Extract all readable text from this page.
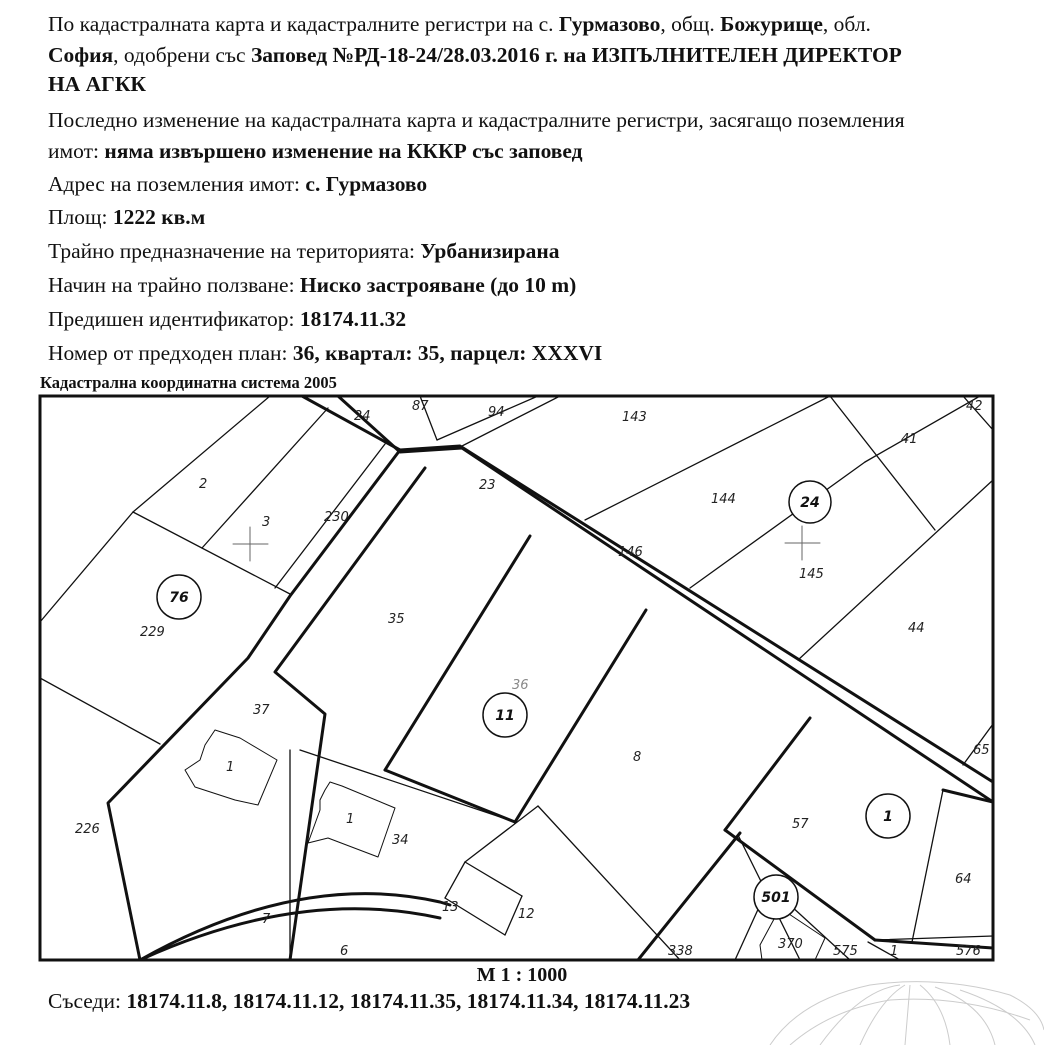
По кадастралната карта и кадастралните регистри на с. Гурмазово, общ. Божурище, обл.
София, одобрени със Заповед №РД-18-24/28.03.2016 г. на ИЗПЪЛНИТЕЛЕН ДИРЕКТОР
НА АГКК
Последно изменение на кадастралната карта и кадастралните регистри, засягащо поземления
имот: няма извършено изменение на КККР със заповед
Адрес на поземления имот: с. Гурмазово
Площ: 1222 кв.м
Трайно предназначение на територията: Урбанизирана
Начин на трайно ползване: Ниско застрояване (до 10 m)
Предишен идентификатор: 18174.11.32
Номер от предходен план: 36, квартал: 35, парцел: XXXVI
Кадастрална координатна система 2005
24
87	94	143
42
41
2
3	230
23
144
146
145
76
229
35
44
36
37
1
8	65
1
34
226	57
64
13	12
7
6	338	370 575 1	576
24
11
1
501
М 1 : 1000
Съседи: 18174.11.8, 18174.11.12, 18174.11.35, 18174.11.34, 18174.11.23
